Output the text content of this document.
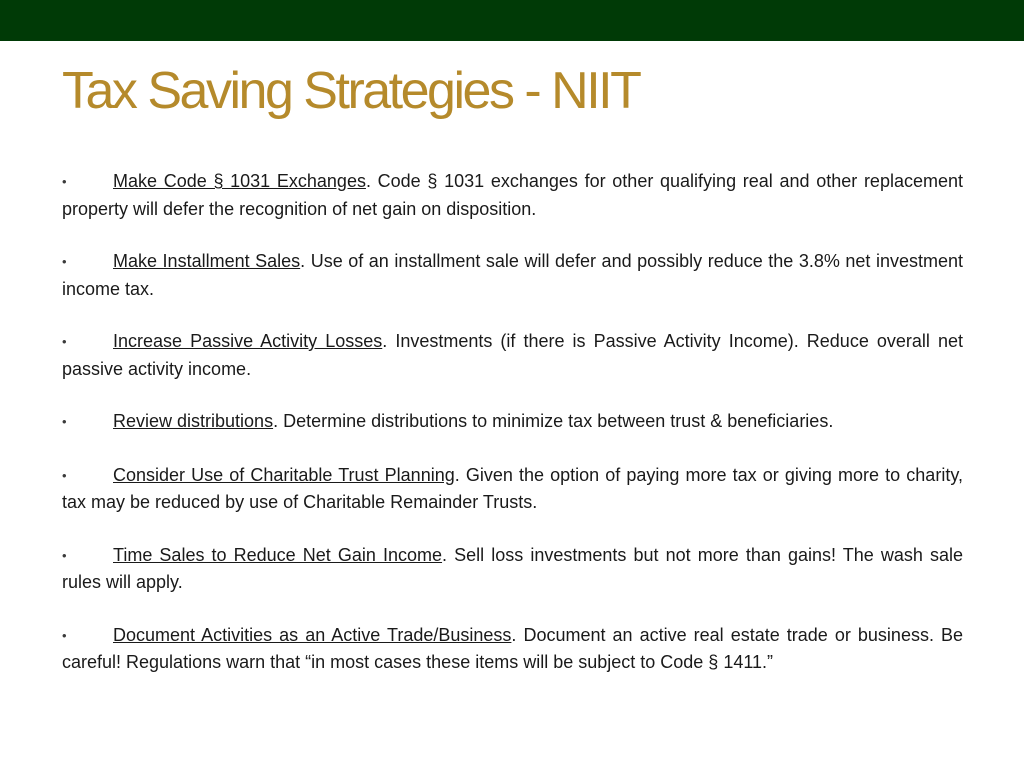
Tax Saving Strategies - NIIT
•	Make Code § 1031 Exchanges. Code § 1031 exchanges for other qualifying real and other replacement property will defer the recognition of net gain on disposition.
•	Make Installment Sales. Use of an installment sale will defer and possibly reduce the 3.8% net investment income tax.
•	Increase Passive Activity Losses. Investments (if there is Passive Activity Income). Reduce overall net passive activity income.
•	Review distributions. Determine distributions to minimize tax between trust & beneficiaries.
•	Consider Use of Charitable Trust Planning. Given the option of paying more tax or giving more to charity, tax may be reduced by use of Charitable Remainder Trusts.
•	Time Sales to Reduce Net Gain Income. Sell loss investments but not more than gains! The wash sale rules will apply.
•	Document Activities as an Active Trade/Business. Document an active real estate trade or business. Be careful! Regulations warn that “in most cases these items will be subject to Code § 1411.”
